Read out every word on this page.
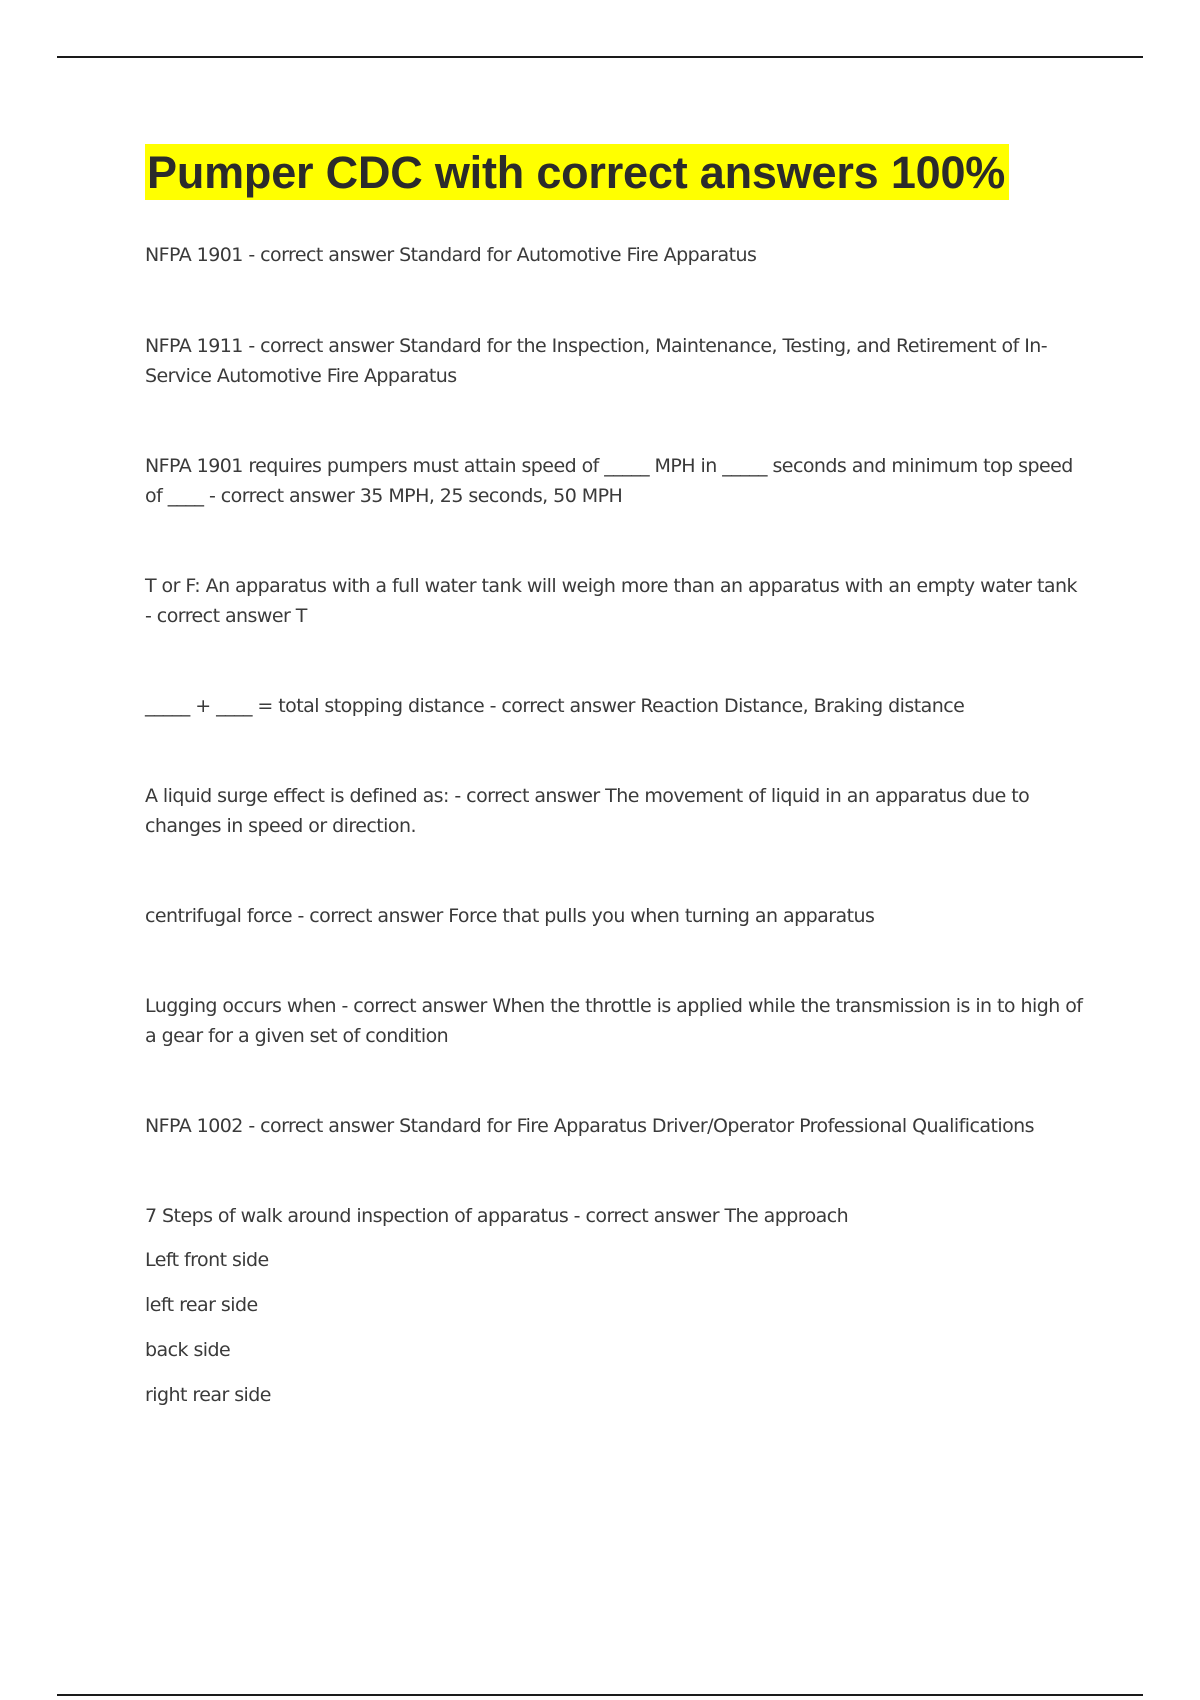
Pumper CDC with correct answers 100%

NFPA 1901 - correct answer Standard for Automotive Fire Apparatus

NFPA 1911 - correct answer Standard for the Inspection, Maintenance, Testing, and Retirement of In-Service Automotive Fire Apparatus

NFPA 1901 requires pumpers must attain speed of _____ MPH in _____ seconds and minimum top speed of ____ - correct answer 35 MPH, 25 seconds, 50 MPH

T or F: An apparatus with a full water tank will weigh more than an apparatus with an empty water tank - correct answer T

_____ + ____ = total stopping distance - correct answer Reaction Distance, Braking distance

A liquid surge effect is defined as: - correct answer The movement of liquid in an apparatus due to changes in speed or direction.

centrifugal force - correct answer Force that pulls you when turning an apparatus

Lugging occurs when - correct answer When the throttle is applied while the transmission is in to high of a gear for a given set of condition

NFPA 1002 - correct answer Standard for Fire Apparatus Driver/Operator Professional Qualifications

7 Steps of walk around inspection of apparatus - correct answer The approach

Left front side

left rear side

back side

right rear side
